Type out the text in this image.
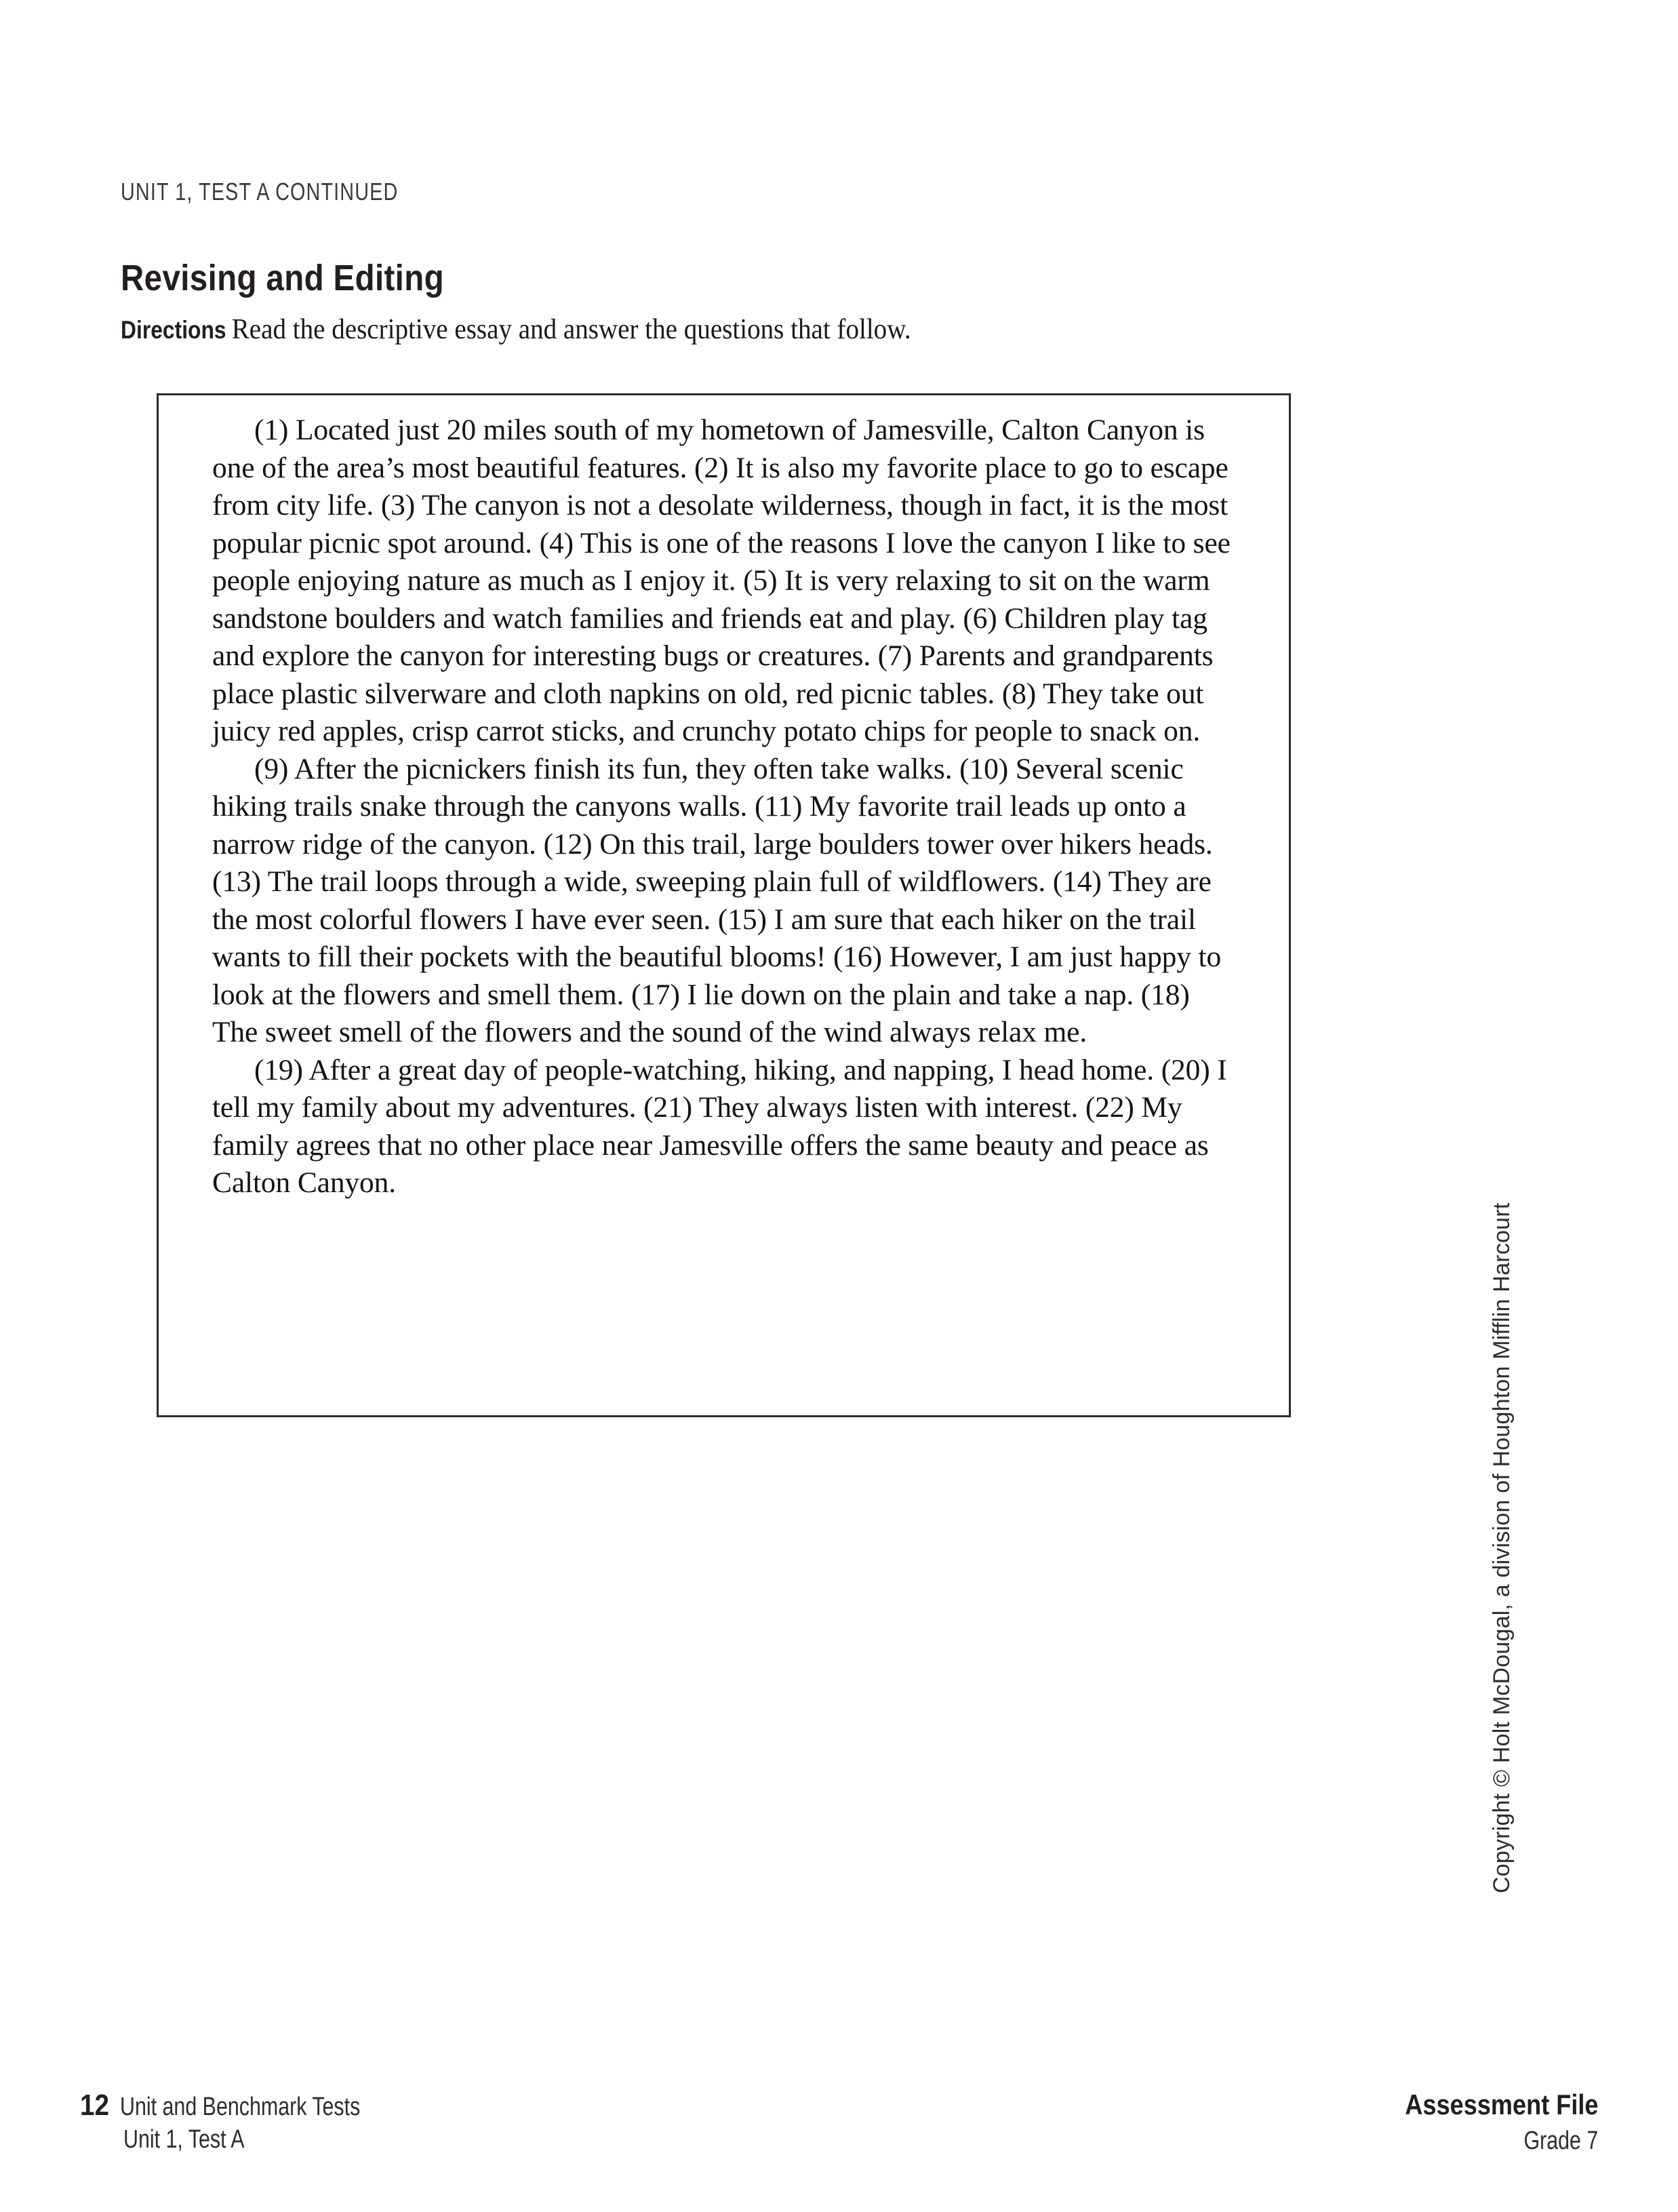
UNIT 1, TEST A CONTINUED
Revising and Editing
Directions Read the descriptive essay and answer the questions that follow.

(1) Located just 20 miles south of my hometown of Jamesville, Calton Canyon is one of the area’s most beautiful features. (2) It is also my favorite place to go to escape from city life. (3) The canyon is not a desolate wilderness, though in fact, it is the most popular picnic spot around. (4) This is one of the reasons I love the canyon I like to see people enjoying nature as much as I enjoy it. (5) It is very relaxing to sit on the warm sandstone boulders and watch families and friends eat and play. (6) Children play tag and explore the canyon for interesting bugs or creatures. (7) Parents and grandparents place plastic silverware and cloth napkins on old, red picnic tables. (8) They take out juicy red apples, crisp carrot sticks, and crunchy potato chips for people to snack on.

(9) After the picnickers finish its fun, they often take walks. (10) Several scenic hiking trails snake through the canyons walls. (11) My favorite trail leads up onto a narrow ridge of the canyon. (12) On this trail, large boulders tower over hikers heads. (13) The trail loops through a wide, sweeping plain full of wildflowers. (14) They are the most colorful flowers I have ever seen. (15) I am sure that each hiker on the trail wants to fill their pockets with the beautiful blooms! (16) However, I am just happy to look at the flowers and smell them. (17) I lie down on the plain and take a nap. (18) The sweet smell of the flowers and the sound of the wind always relax me.

(19) After a great day of people-watching, hiking, and napping, I head home. (20) I tell my family about my adventures. (21) They always listen with interest. (22) My family agrees that no other place near Jamesville offers the same beauty and peace as Calton Canyon.

Copyright © Holt McDougal, a division of Houghton Mifflin Harcourt
12 Unit and Benchmark Tests
Unit 1, Test A
Assessment File
Grade 7
